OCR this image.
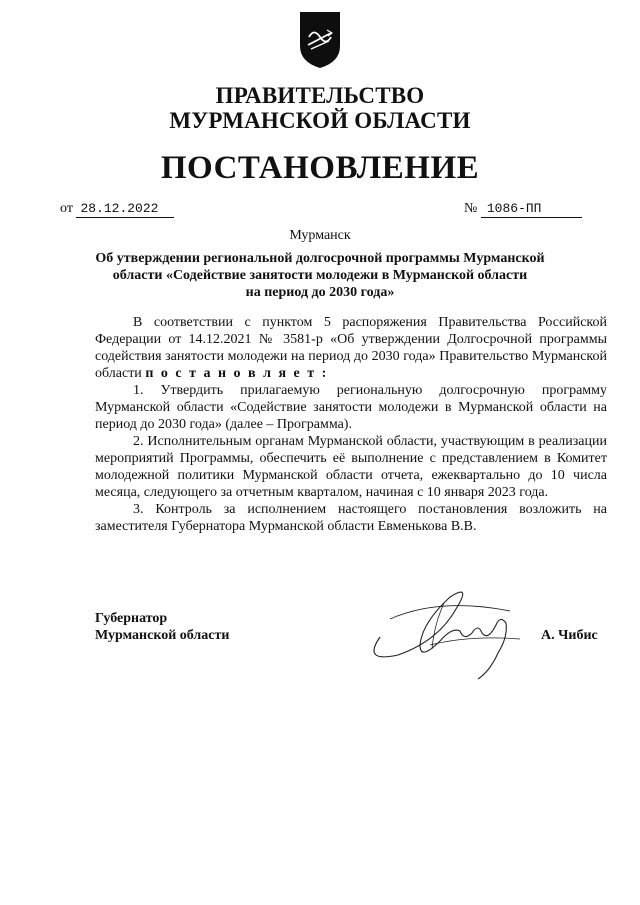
ПРАВИТЕЛЬСТВО
МУРМАНСКОЙ ОБЛАСТИ
ПОСТАНОВЛЕНИЕ
от 28.12.2022	№ 1086-ПП
Мурманск
Об утверждении региональной долгосрочной программы Мурманской
области «Содействие занятости молодежи в Мурманской области
на период до 2030 года»

В соответствии с пунктом 5 распоряжения Правительства Российской Федерации от 14.12.2021 № 3581-р «Об утверждении Долгосрочной программы содействия занятости молодежи на период до 2030 года» Правительство Мурманской области п о с т а н о в л я е т :

1. Утвердить прилагаемую региональную долгосрочную программу Мурманской области «Содействие занятости молодежи в Мурманской области на период до 2030 года» (далее – Программа).

2. Исполнительным органам Мурманской области, участвующим в реализации мероприятий Программы, обеспечить её выполнение с представлением в Комитет молодежной политики Мурманской области отчета, ежеквартально до 10 числа месяца, следующего за отчетным кварталом, начиная с 10 января 2023 года.

3. Контроль за исполнением настоящего постановления возложить на заместителя Губернатора Мурманской области Евменькова В.В.

Губернатор
Мурманской области	А. Чибис
